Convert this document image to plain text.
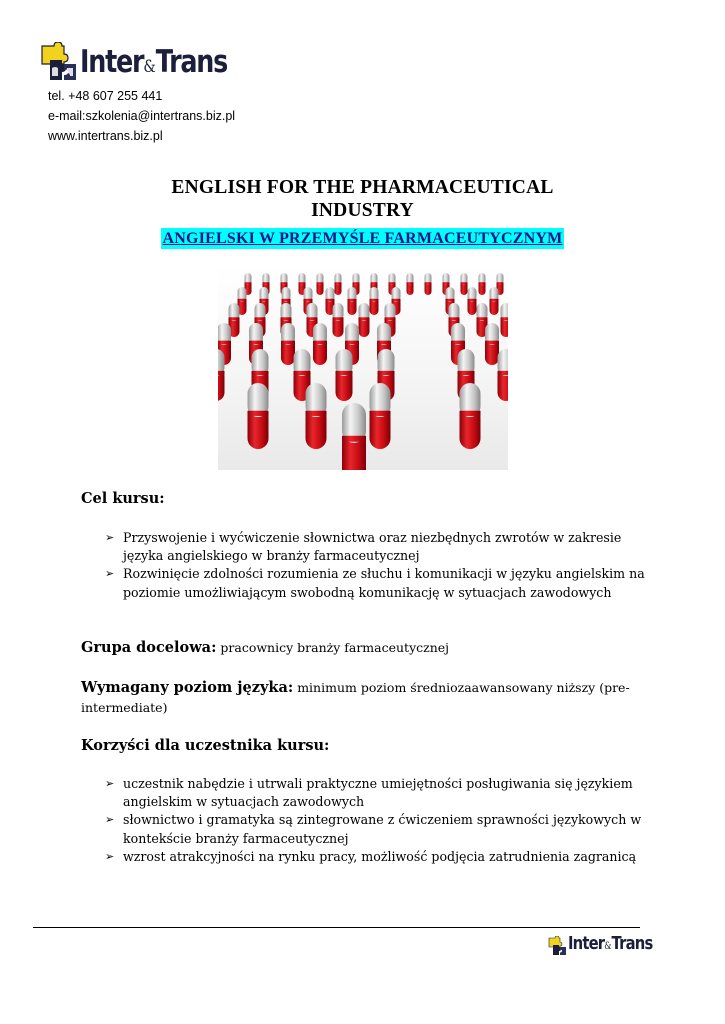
Inter&Trans
tel. +48 607 255 441
e-mail:szkolenia@intertrans.biz.pl
www.intertrans.biz.pl
ENGLISH FOR THE PHARMACEUTICAL
INDUSTRY
ANGIELSKI W PRZEMYŚLE FARMACEUTYCZNYM
Cel kursu:
➢ Przyswojenie i wyćwiczenie słownictwa oraz niezbędnych zwrotów w zakresie języka angielskiego w branży farmaceutycznej
➢ Rozwinięcie zdolności rozumienia ze słuchu i komunikacji w języku angielskim na poziomie umożliwiającym swobodną komunikację w sytuacjach zawodowych
Grupa docelowa: pracownicy branży farmaceutycznej
Wymagany poziom języka: minimum poziom średniozaawansowany niższy (pre-intermediate)
Korzyści dla uczestnika kursu:
➢ uczestnik nabędzie i utrwali praktyczne umiejętności posługiwania się językiem angielskim w sytuacjach zawodowych
➢ słownictwo i gramatyka są zintegrowane z ćwiczeniem sprawności językowych w kontekście branży farmaceutycznej
➢ wzrost atrakcyjności na rynku pracy, możliwość podjęcia zatrudnienia zagranicą
Inter&Trans
